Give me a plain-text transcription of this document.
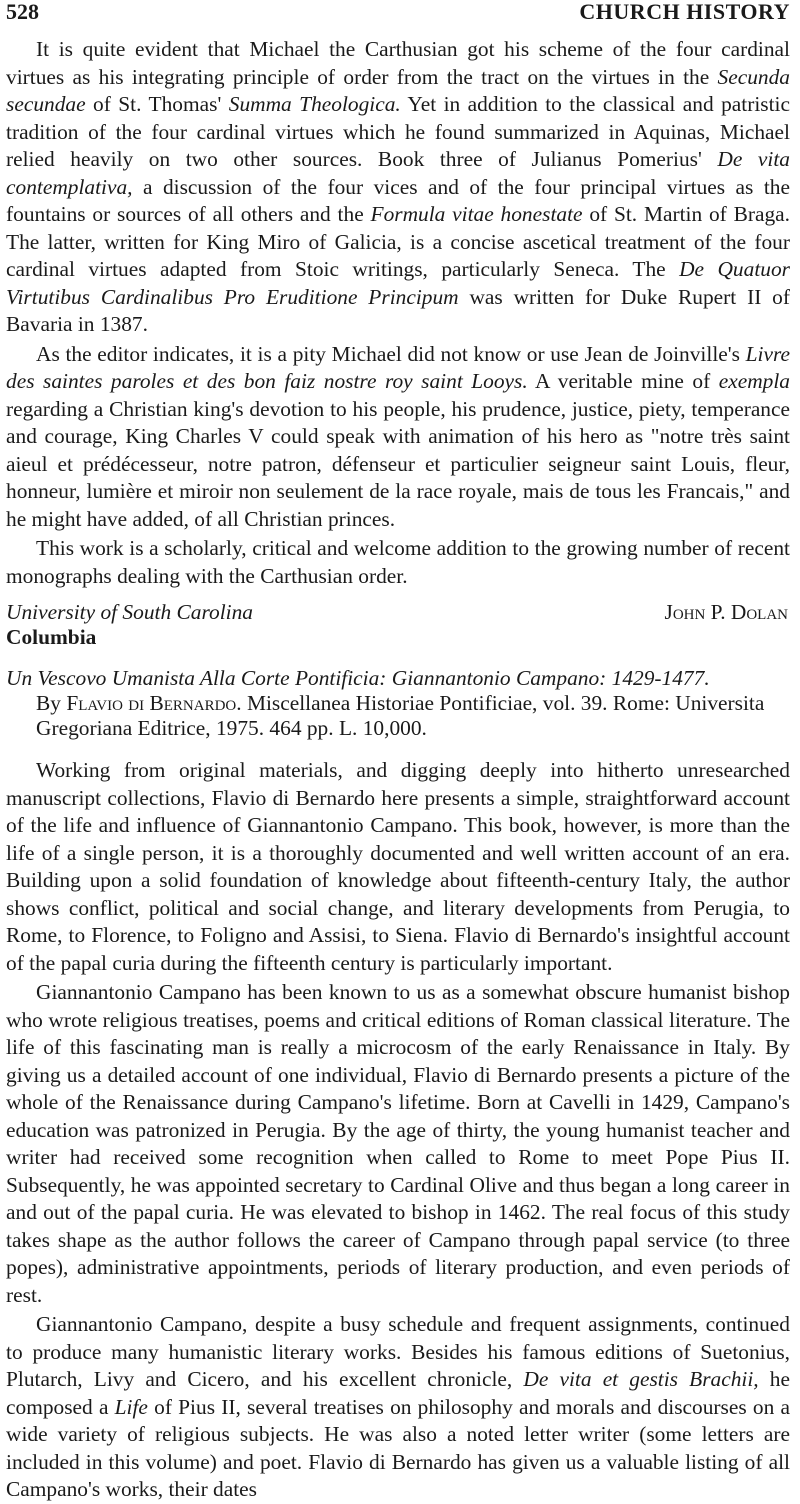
528	CHURCH HISTORY

It is quite evident that Michael the Carthusian got his scheme of the four cardinal virtues as his integrating principle of order from the tract on the virtues in the Secunda secundae of St. Thomas' Summa Theologica. Yet in addition to the classical and patristic tradition of the four cardinal virtues which he found summarized in Aquinas, Michael relied heavily on two other sources. Book three of Julianus Pomerius' De vita contemplativa, a discussion of the four vices and of the four principal virtues as the fountains or sources of all others and the Formula vitae honestate of St. Martin of Braga. The latter, written for King Miro of Galicia, is a concise ascetical treatment of the four cardinal virtues adapted from Stoic writings, particularly Seneca. The De Quatuor Virtutibus Cardinalibus Pro Eruditione Principum was written for Duke Rupert II of Bavaria in 1387.

As the editor indicates, it is a pity Michael did not know or use Jean de Joinville's Livre des saintes paroles et des bon faiz nostre roy saint Looys. A veritable mine of exempla regarding a Christian king's devotion to his people, his prudence, justice, piety, temperance and courage, King Charles V could speak with animation of his hero as "notre très saint aieul et prédécesseur, notre patron, défenseur et particulier seigneur saint Louis, fleur, honneur, lumière et miroir non seulement de la race royale, mais de tous les Francais," and he might have added, of all Christian princes.

This work is a scholarly, critical and welcome addition to the growing number of recent monographs dealing with the Carthusian order.

University of South Carolina	John P. Dolan
Columbia
Un Vescovo Umanista Alla Corte Pontificia: Giannantonio Campano: 1429-1477.
By Flavio di Bernardo. Miscellanea Historiae Pontificiae, vol. 39. Rome: Universita Gregoriana Editrice, 1975. 464 pp. L. 10,000.

Working from original materials, and digging deeply into hitherto unresearched manuscript collections, Flavio di Bernardo here presents a simple, straightforward account of the life and influence of Giannantonio Campano. This book, however, is more than the life of a single person, it is a thoroughly documented and well written account of an era. Building upon a solid foundation of knowledge about fifteenth-century Italy, the author shows conflict, political and social change, and literary developments from Perugia, to Rome, to Florence, to Foligno and Assisi, to Siena. Flavio di Bernardo's insightful account of the papal curia during the fifteenth century is particularly important.

Giannantonio Campano has been known to us as a somewhat obscure humanist bishop who wrote religious treatises, poems and critical editions of Roman classical literature. The life of this fascinating man is really a microcosm of the early Renaissance in Italy. By giving us a detailed account of one individual, Flavio di Bernardo presents a picture of the whole of the Renaissance during Campano's lifetime. Born at Cavelli in 1429, Campano's education was patronized in Perugia. By the age of thirty, the young humanist teacher and writer had received some recognition when called to Rome to meet Pope Pius II. Subsequently, he was appointed secretary to Cardinal Olive and thus began a long career in and out of the papal curia. He was elevated to bishop in 1462. The real focus of this study takes shape as the author follows the career of Campano through papal service (to three popes), administrative appointments, periods of literary production, and even periods of rest.

Giannantonio Campano, despite a busy schedule and frequent assignments, continued to produce many humanistic literary works. Besides his famous editions of Suetonius, Plutarch, Livy and Cicero, and his excellent chronicle, De vita et gestis Brachii, he composed a Life of Pius II, several treatises on philosophy and morals and discourses on a wide variety of religious subjects. He was also a noted letter writer (some letters are included in this volume) and poet. Flavio di Bernardo has given us a valuable listing of all Campano's works, their dates
